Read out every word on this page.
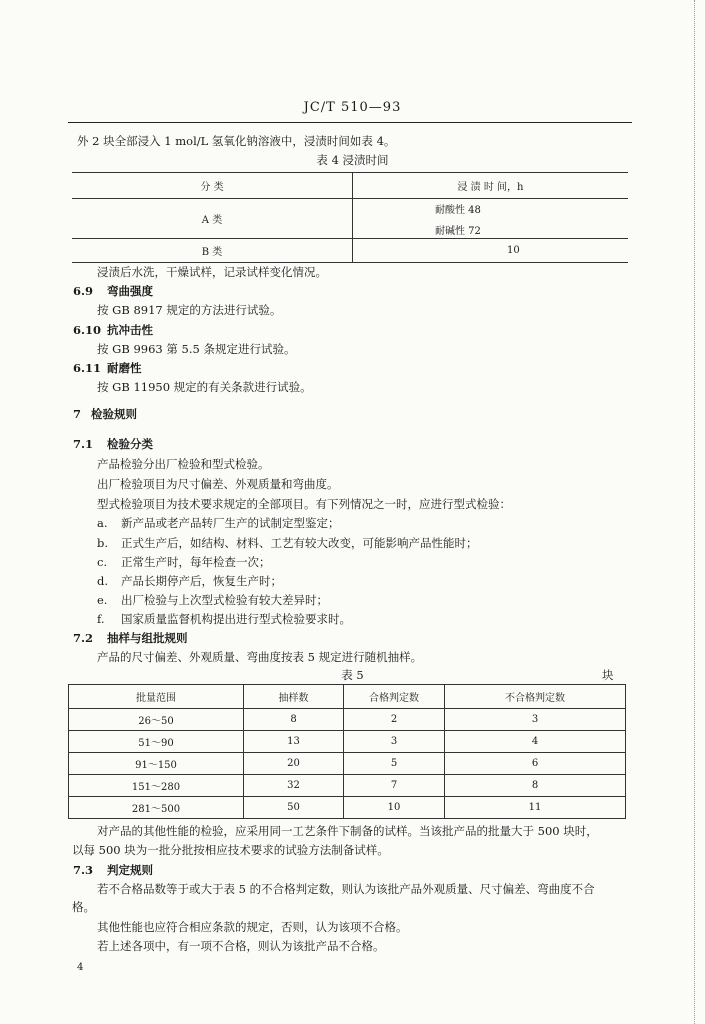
JC/T 510—93
外 2 块全部浸入 1 mol/L 氢氧化钠溶液中，浸渍时间如表 4。
表 4 浸渍时间
分 类	浸 渍 时 间，h
A 类	耐酸性 48
耐碱性 72

B 类	10
浸渍后水洗，干燥试样，记录试样变化情况。
6.9 弯曲强度
按 GB 8917 规定的方法进行试验。
6.10 抗冲击性
按 GB 9963 第 5.5 条规定进行试验。
6.11 耐磨性
按 GB 11950 规定的有关条款进行试验。
7 检验规则
7.1 检验分类
产品检验分出厂检验和型式检验。
出厂检验项目为尺寸偏差、外观质量和弯曲度。
型式检验项目为技术要求规定的全部项目。有下列情况之一时，应进行型式检验：
a. 新产品或老产品转厂生产的试制定型鉴定；
b. 正式生产后，如结构、材料、工艺有较大改变，可能影响产品性能时；
c. 正常生产时，每年检查一次；
d. 产品长期停产后，恢复生产时；
e. 出厂检验与上次型式检验有较大差异时；
f. 国家质量监督机构提出进行型式检验要求时。
7.2 抽样与组批规则
产品的尺寸偏差、外观质量、弯曲度按表 5 规定进行随机抽样。
表 5	块
批量范围	抽样数	合格判定数	不合格判定数
26～50	8	2	3
51～90	13	3	4
91～150	20	5	6
151～280	32	7	8
281～500	50	10	11
对产品的其他性能的检验，应采用同一工艺条件下制备的试样。当该批产品的批量大于 500 块时，
以每 500 块为一批分批按相应技术要求的试验方法制备试样。
7.3 判定规则
若不合格品数等于或大于表 5 的不合格判定数，则认为该批产品外观质量、尺寸偏差、弯曲度不合
格。
其他性能也应符合相应条款的规定，否则，认为该项不合格。
若上述各项中，有一项不合格，则认为该批产品不合格。
4
